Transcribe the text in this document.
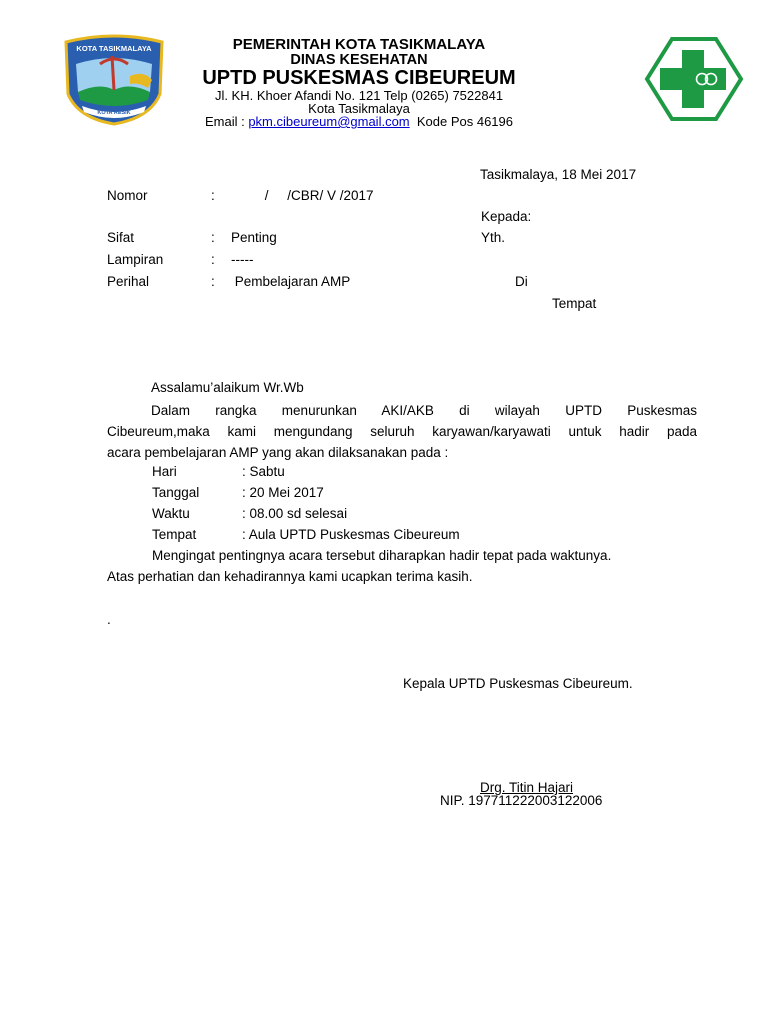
KOTA TASIKMALAYA
KOTA RESIK
PEMERINTAH KOTA TASIKMALAYA
DINAS KESEHATAN
UPTD PUSKESMAS CIBEUREUM
Jl. KH. Khoer Afandi No. 121 Telp (0265) 7522841
Kota Tasikmalaya
Email : pkm.cibeureum@gmail.com  Kode Pos 46196
Tasikmalaya, 18 Mei 2017
Nomor	: /     /CBR/ V /2017
Sifat	: Penting
Lampiran	: -----
Perihal	: Pembelajaran AMP
Kepada:
Yth.
Di
Tempat
Assalamu’alaikum Wr.Wb
Dalam rangka menurunkan AKI/AKB di wilayah UPTD Puskesmas
Cibeureum,maka kami mengundang seluruh karyawan/karyawati untuk hadir pada
acara pembelajaran AMP yang akan dilaksanakan pada :
Hari	: Sabtu
Tanggal	: 20 Mei 2017
Waktu	: 08.00 sd selesai
Tempat	: Aula UPTD Puskesmas Cibeureum
Mengingat pentingnya acara tersebut diharapkan hadir tepat pada waktunya.
Atas perhatian dan kehadirannya kami ucapkan terima kasih.
.
Kepala UPTD Puskesmas Cibeureum.
Drg. Titin Hajari
NIP. 197711222003122006
